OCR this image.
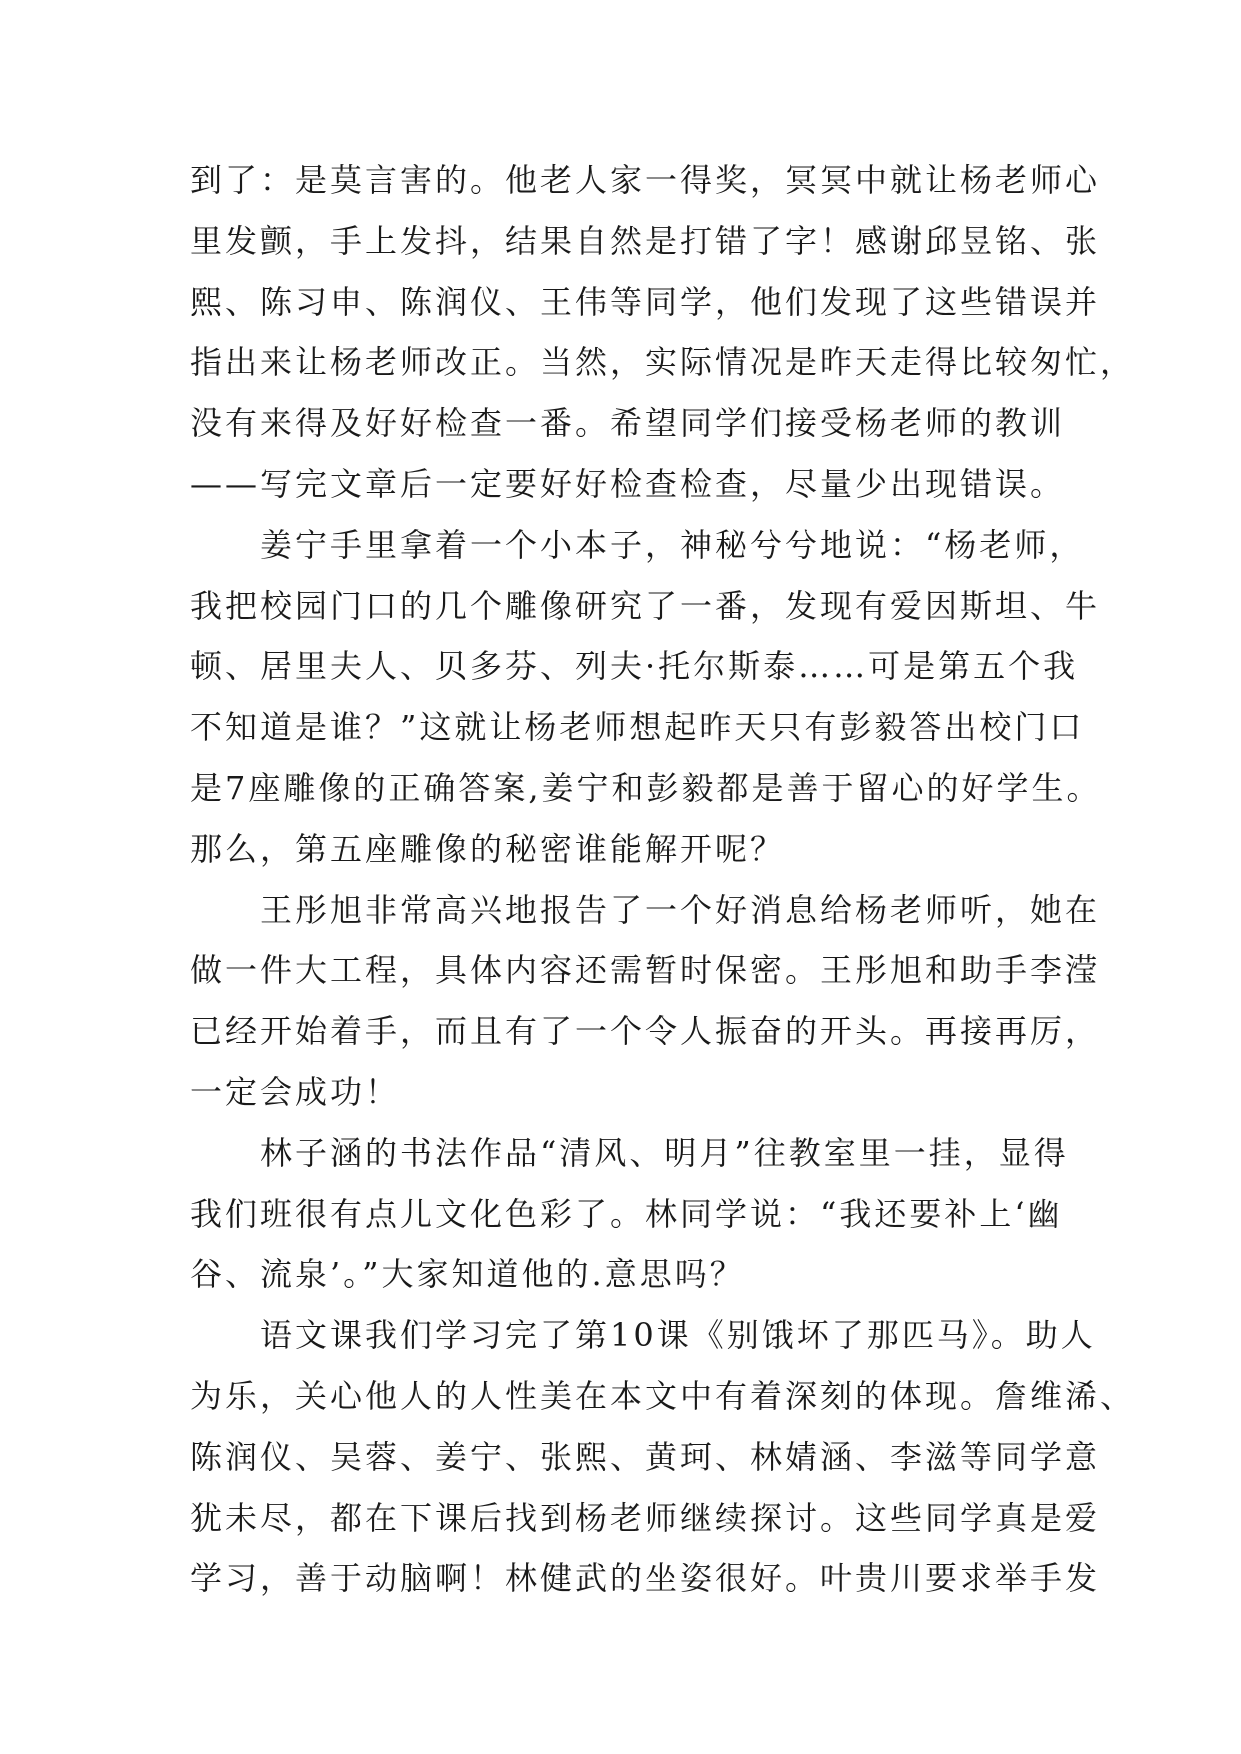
到了：是莫言害的。他老人家一得奖，冥冥中就让杨老师心
里发颤，手上发抖，结果自然是打错了字！感谢邱昱铭、张
熙、陈习申、陈润仪、王伟等同学，他们发现了这些错误并
指出来让杨老师改正。当然，实际情况是昨天走得比较匆忙，
没有来得及好好检查一番。希望同学们接受杨老师的教训
——写完文章后一定要好好检查检查，尽量少出现错误。
　　姜宁手里拿着一个小本子，神秘兮兮地说：“杨老师，
我把校园门口的几个雕像研究了一番，发现有爱因斯坦、牛
顿、居里夫人、贝多芬、列夫·托尔斯泰……可是第五个我
不知道是谁？”这就让杨老师想起昨天只有彭毅答出校门口
是7座雕像的正确答案,姜宁和彭毅都是善于留心的好学生。
那么，第五座雕像的秘密谁能解开呢？
　　王彤旭非常高兴地报告了一个好消息给杨老师听，她在
做一件大工程，具体内容还需暂时保密。王彤旭和助手李滢
已经开始着手，而且有了一个令人振奋的开头。再接再厉，
一定会成功！
　　林子涵的书法作品“清风、明月”往教室里一挂，显得
我们班很有点儿文化色彩了。林同学说：“我还要补上‘幽
谷、流泉’。”大家知道他的.意思吗？
　　语文课我们学习完了第10课《别饿坏了那匹马》。助人
为乐，关心他人的人性美在本文中有着深刻的体现。詹维浠、
陈润仪、吴蓉、姜宁、张熙、黄珂、林婧涵、李滋等同学意
犹未尽，都在下课后找到杨老师继续探讨。这些同学真是爱
学习，善于动脑啊！林健武的坐姿很好。叶贵川要求举手发
